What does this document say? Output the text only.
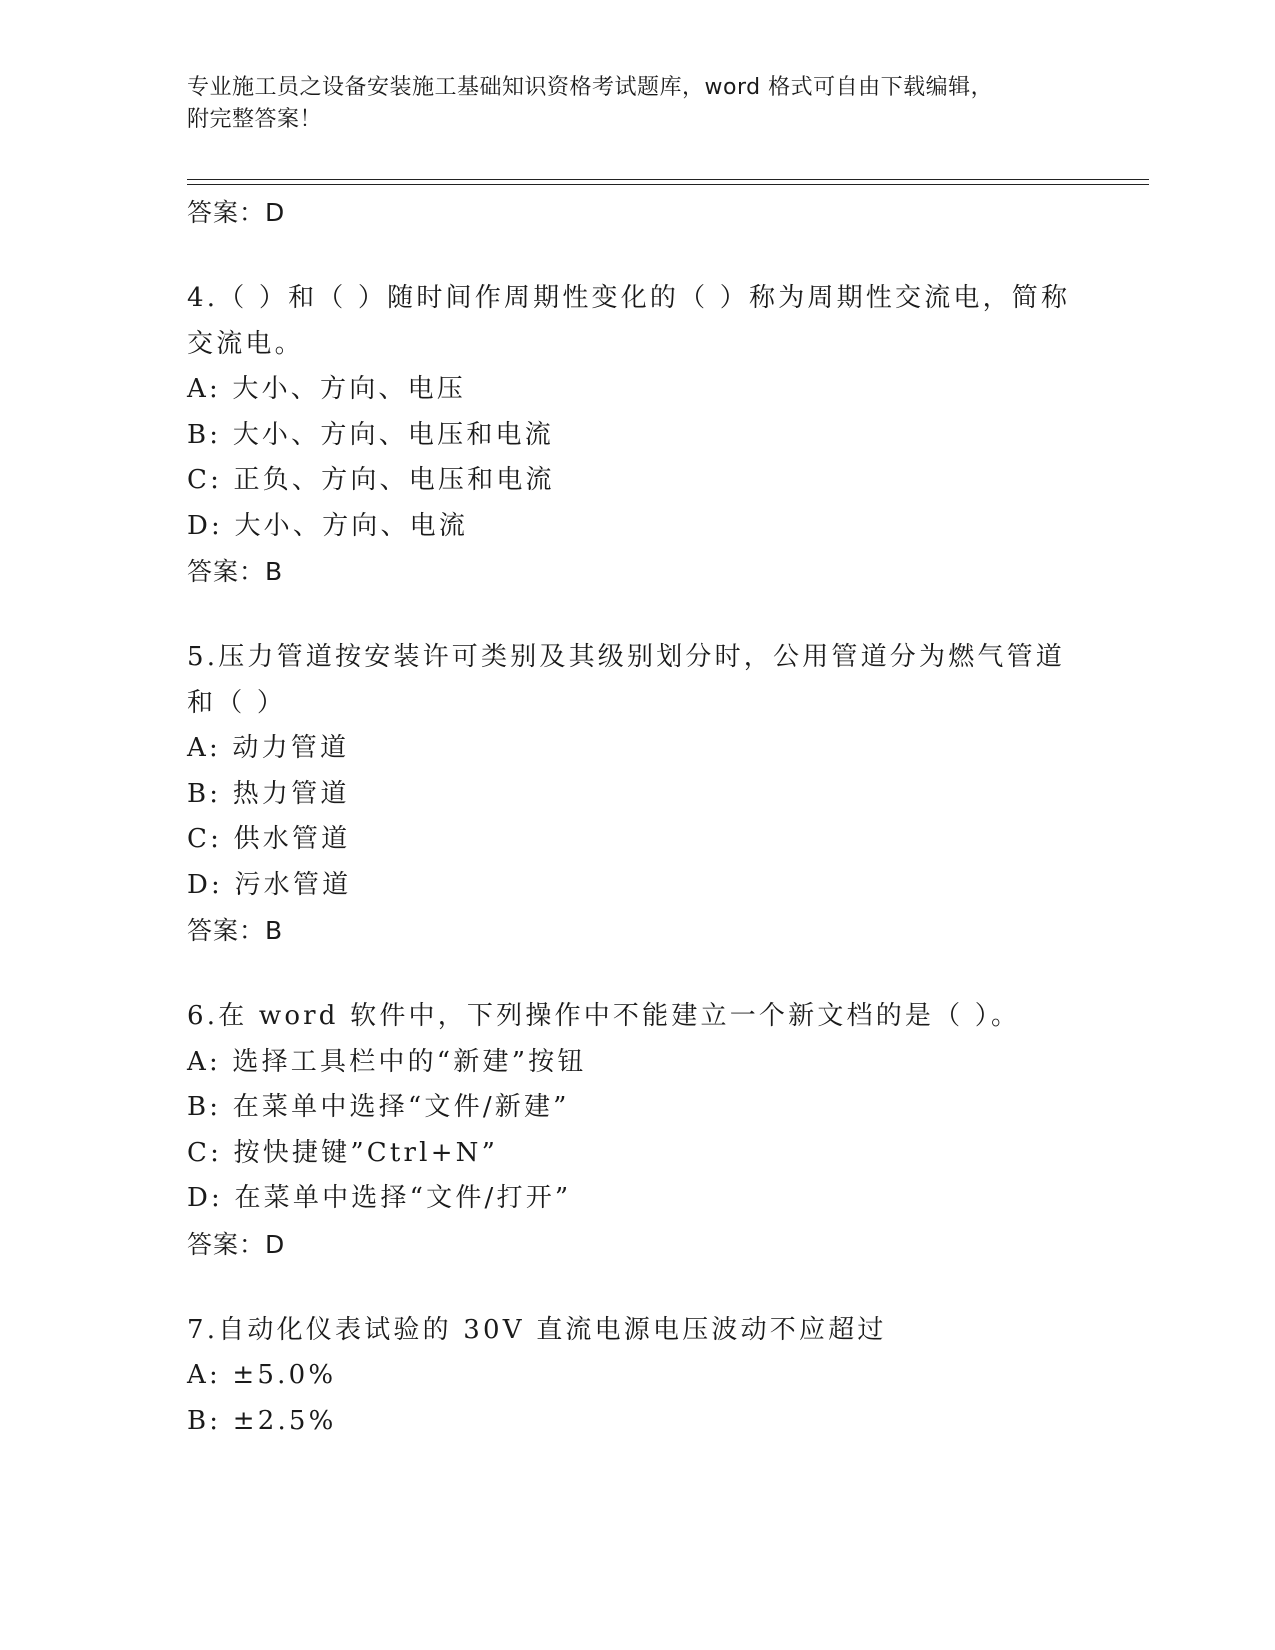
专业施工员之设备安装施工基础知识资格考试题库，word 格式可自由下载编辑，
附完整答案！
答案：D
4.（ ）和（ ）随时间作周期性变化的（ ）称为周期性交流电，简称
交流电。
A: 大小、方向、电压
B: 大小、方向、电压和电流
C: 正负、方向、电压和电流
D: 大小、方向、电流
答案：B
5.压力管道按安装许可类别及其级别划分时，公用管道分为燃气管道
和（ ）
A: 动力管道
B: 热力管道
C: 供水管道
D: 污水管道
答案：B
6.在 word 软件中，下列操作中不能建立一个新文档的是（ ）。
A: 选择工具栏中的“新建”按钮
B: 在菜单中选择“文件/新建”
C: 按快捷键”Ctrl+N”
D: 在菜单中选择“文件/打开”
答案：D
7.自动化仪表试验的 30V 直流电源电压波动不应超过
A: ±5.0%
B: ±2.5%
